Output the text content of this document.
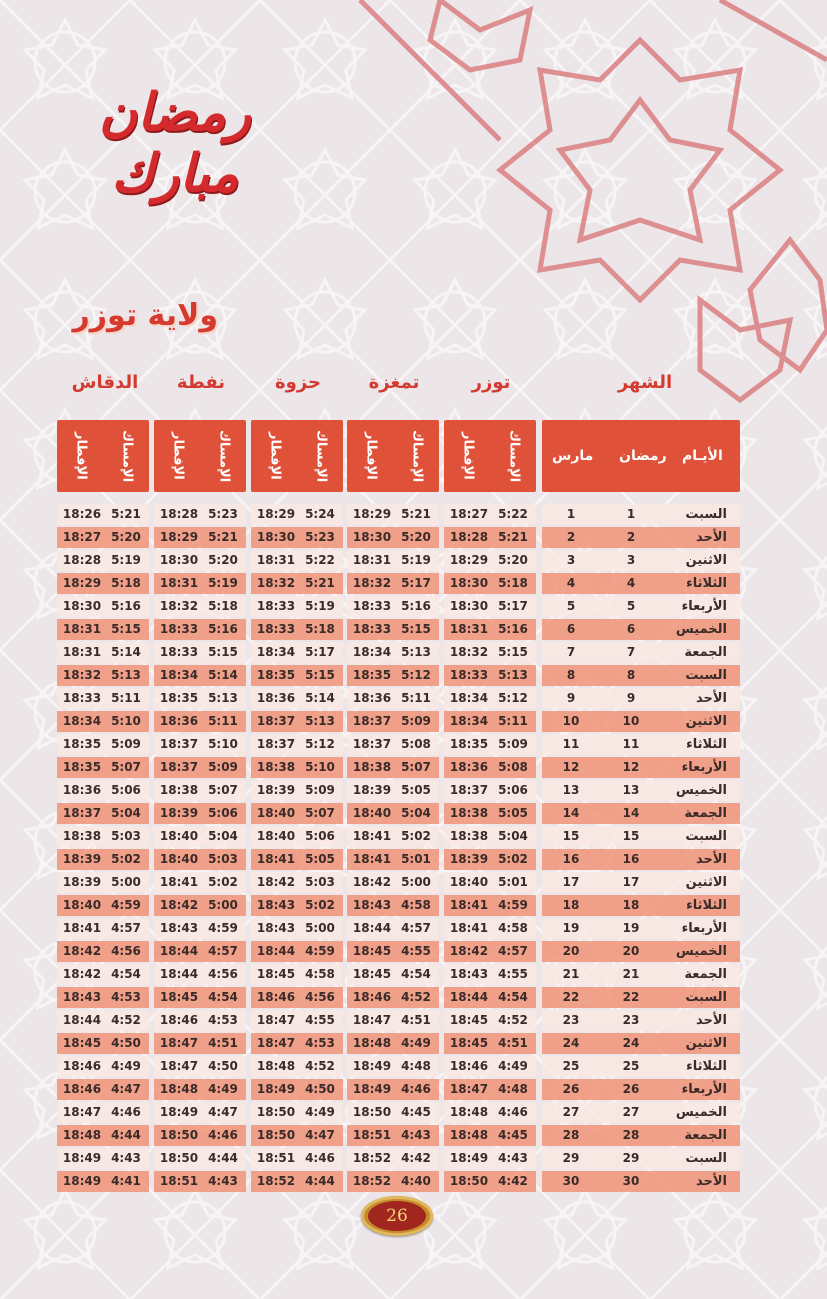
رمضان مبارك
ولاية توزر
الشهر
توزر
تمغزة
حزوة
نفطة
الدقاش
الأيـام
رمضان
مارس
الإمساك
الإفطار
الإمساك
الإفطار
الإمساك
الإفطار
الإمساك
الإفطار
الإمساك
الإفطار
السبت
1
1
5:22
18:27
5:21
18:29
5:24
18:29
5:23
18:28
5:21
18:26
الأحد
2
2
5:21
18:28
5:20
18:30
5:23
18:30
5:21
18:29
5:20
18:27
الاثنين
3
3
5:20
18:29
5:19
18:31
5:22
18:31
5:20
18:30
5:19
18:28
الثلاثاء
4
4
5:18
18:30
5:17
18:32
5:21
18:32
5:19
18:31
5:18
18:29
الأربعاء
5
5
5:17
18:30
5:16
18:33
5:19
18:33
5:18
18:32
5:16
18:30
الخميس
6
6
5:16
18:31
5:15
18:33
5:18
18:33
5:16
18:33
5:15
18:31
الجمعة
7
7
5:15
18:32
5:13
18:34
5:17
18:34
5:15
18:33
5:14
18:31
السبت
8
8
5:13
18:33
5:12
18:35
5:15
18:35
5:14
18:34
5:13
18:32
الأحد
9
9
5:12
18:34
5:11
18:36
5:14
18:36
5:13
18:35
5:11
18:33
الاثنين
10
10
5:11
18:34
5:09
18:37
5:13
18:37
5:11
18:36
5:10
18:34
الثلاثاء
11
11
5:09
18:35
5:08
18:37
5:12
18:37
5:10
18:37
5:09
18:35
الأربعاء
12
12
5:08
18:36
5:07
18:38
5:10
18:38
5:09
18:37
5:07
18:35
الخميس
13
13
5:06
18:37
5:05
18:39
5:09
18:39
5:07
18:38
5:06
18:36
الجمعة
14
14
5:05
18:38
5:04
18:40
5:07
18:40
5:06
18:39
5:04
18:37
السبت
15
15
5:04
18:38
5:02
18:41
5:06
18:40
5:04
18:40
5:03
18:38
الأحد
16
16
5:02
18:39
5:01
18:41
5:05
18:41
5:03
18:40
5:02
18:39
الاثنين
17
17
5:01
18:40
5:00
18:42
5:03
18:42
5:02
18:41
5:00
18:39
الثلاثاء
18
18
4:59
18:41
4:58
18:43
5:02
18:43
5:00
18:42
4:59
18:40
الأربعاء
19
19
4:58
18:41
4:57
18:44
5:00
18:43
4:59
18:43
4:57
18:41
الخميس
20
20
4:57
18:42
4:55
18:45
4:59
18:44
4:57
18:44
4:56
18:42
الجمعة
21
21
4:55
18:43
4:54
18:45
4:58
18:45
4:56
18:44
4:54
18:42
السبت
22
22
4:54
18:44
4:52
18:46
4:56
18:46
4:54
18:45
4:53
18:43
الأحد
23
23
4:52
18:45
4:51
18:47
4:55
18:47
4:53
18:46
4:52
18:44
الاثنين
24
24
4:51
18:45
4:49
18:48
4:53
18:47
4:51
18:47
4:50
18:45
الثلاثاء
25
25
4:49
18:46
4:48
18:49
4:52
18:48
4:50
18:47
4:49
18:46
الأربعاء
26
26
4:48
18:47
4:46
18:49
4:50
18:49
4:49
18:48
4:47
18:46
الخميس
27
27
4:46
18:48
4:45
18:50
4:49
18:50
4:47
18:49
4:46
18:47
الجمعة
28
28
4:45
18:48
4:43
18:51
4:47
18:50
4:46
18:50
4:44
18:48
السبت
29
29
4:43
18:49
4:42
18:52
4:46
18:51
4:44
18:50
4:43
18:49
الأحد
30
30
4:42
18:50
4:40
18:52
4:44
18:52
4:43
18:51
4:41
18:49
26
